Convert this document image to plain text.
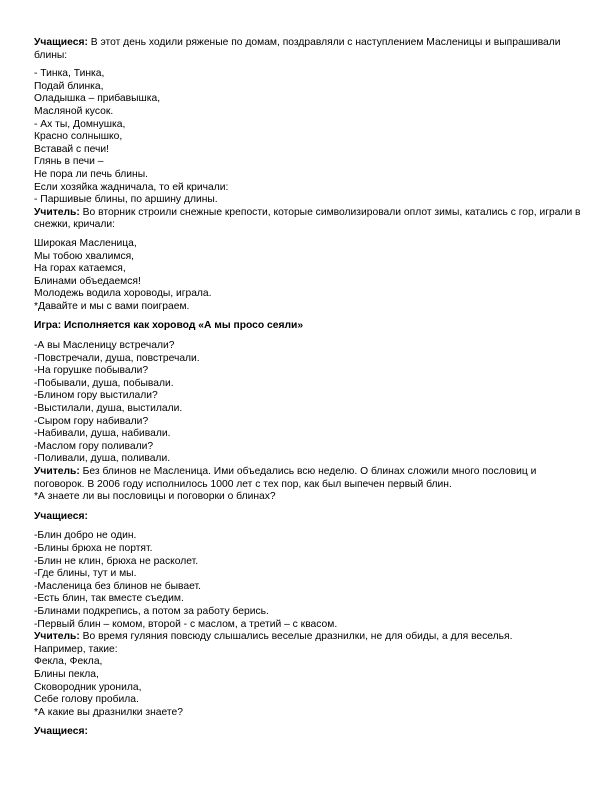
Учащиеся: В этот день ходили ряженые по домам, поздравляли с наступлением Масленицы и выпрашивали блины:
- Тинка, Тинка,
Подай блинка,
Оладышка – прибавышка,
Масляной кусок.
- Ах ты, Домнушка,
Красно солнышко,
Вставай с печи!
Глянь в печи –
Не пора ли печь блины.
Если хозяйка жадничала, то ей кричали:
- Паршивые блины, по аршину длины.
Учитель: Во вторник строили снежные крепости, которые символизировали оплот зимы, катались с гор, играли в снежки, кричали:
Широкая Масленица,
Мы тобою хвалимся,
На горах катаемся,
Блинами объедаемся!
Молодежь водила хороводы, играла.
*Давайте и мы с вами поиграем.
Игра: Исполняется как хоровод «А мы просо сеяли»
-А вы Масленицу встречали?
-Повстречали, душа, повстречали.
-На горушке побывали?
-Побывали, душа, побывали.
-Блином гору выстилали?
-Выстилали, душа, выстилали.
-Сыром гору набивали?
-Набивали, душа, набивали.
-Маслом гору поливали?
-Поливали, душа, поливали.
Учитель: Без блинов не Масленица. Ими объедались всю неделю. О блинах сложили много пословиц и поговорок. В 2006 году исполнилось 1000 лет с тех пор, как был выпечен первый блин.
*А знаете ли вы пословицы и поговорки о блинах?
Учащиеся:
-Блин добро не один.
-Блины брюха не портят.
-Блин не клин, брюха не расколет.
-Где блины, тут и мы.
-Масленица без блинов не бывает.
-Есть блин, так вместе съедим.
-Блинами подкрепись, а потом за работу берись.
-Первый блин – комом, второй - с маслом, а третий – с квасом.
Учитель: Во время гуляния повсюду слышались веселые дразнилки, не для обиды, а для веселья.
Например, такие:
Фекла, Фекла,
Блины пекла,
Сковородник уронила,
Себе голову пробила.
*А какие вы дразнилки знаете?
Учащиеся:
